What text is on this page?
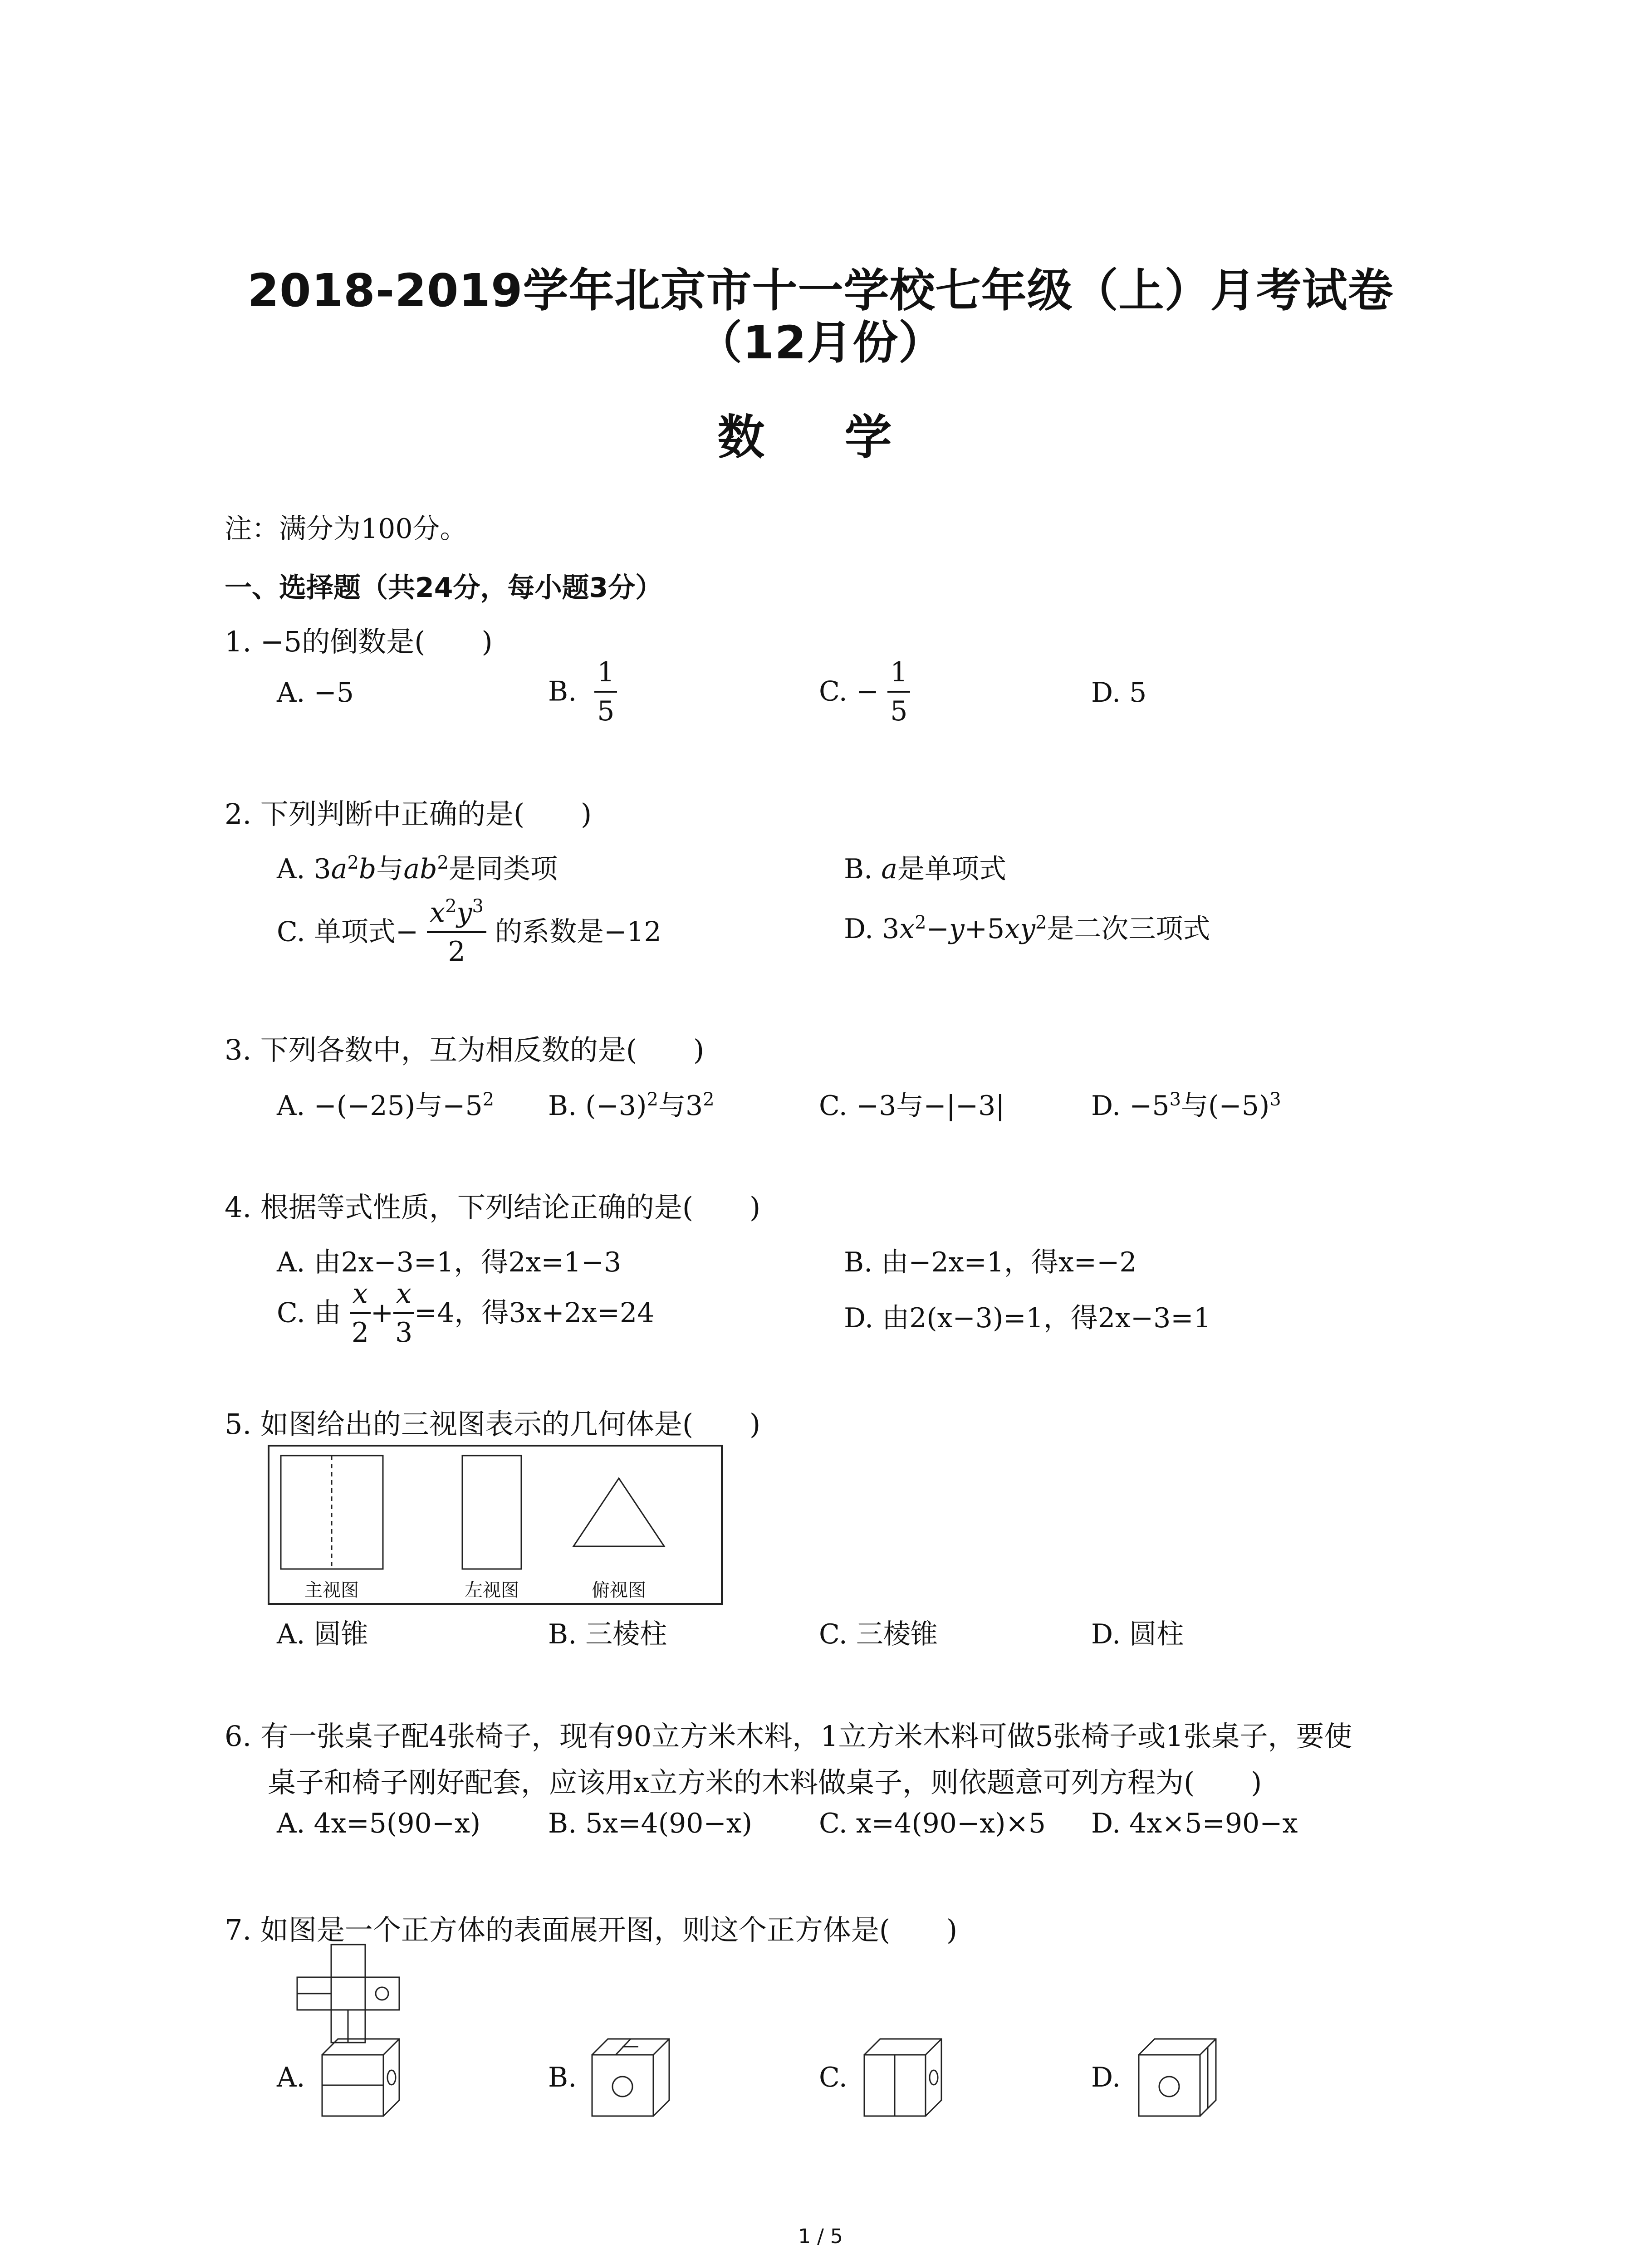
2018-2019学年北京市十一学校七年级（上）月考试卷
（12月份）
数 学
注：满分为100分。
一、选择题（共24分，每小题3分）
1. −5的倒数是(　　)
A. −5	B. $\frac{1}{5}$	C. − $\frac{1}{5}$	D. 5
2. 下列判断中正确的是(　　)
A. $3a^2b$与$ab^2$是同类项	B. a是单项式
C. 单项式− $\frac{x^2y^3}{2}$ 的系数是−12	D. $3x^2-y+5xy^2$是二次三项式
3. 下列各数中，互为相反数的是(　　)
A. −(−25)与$-5^2$ B. $(-3)^2$与$3^2$	C. −3与−|−3|	D. $-5^3$与$(-5)^3$
4. 根据等式性质，下列结论正确的是(　　)
A. 由2x−3=1，得2x=1−3	B. 由−2x=1，得x=−2
C. 由 $\frac{x}{2} + \frac{x}{3} =4$，得3x+2x=24	D. 由2(x−3)=1，得2x−3=1
5. 如图给出的三视图表示的几何体是(　　)
主视图	左视图	俯视图
A. 圆锥	B. 三棱柱	C. 三棱锥	D. 圆柱
6. 有一张桌子配4张椅子，现有90立方米木料，1立方米木料可做5张椅子或1张桌子，要使
桌子和椅子刚好配套，应该用x立方米的木料做桌子，则依题意可列方程为(　　)
A. 4x=5(90−x) B. 5x=4(90−x) C. x=4(90−x)×5 D. 4x×5=90−x
7. 如图是一个正方体的表面展开图，则这个正方体是(　　)
A.	B.	C.	D.
1 / 5
